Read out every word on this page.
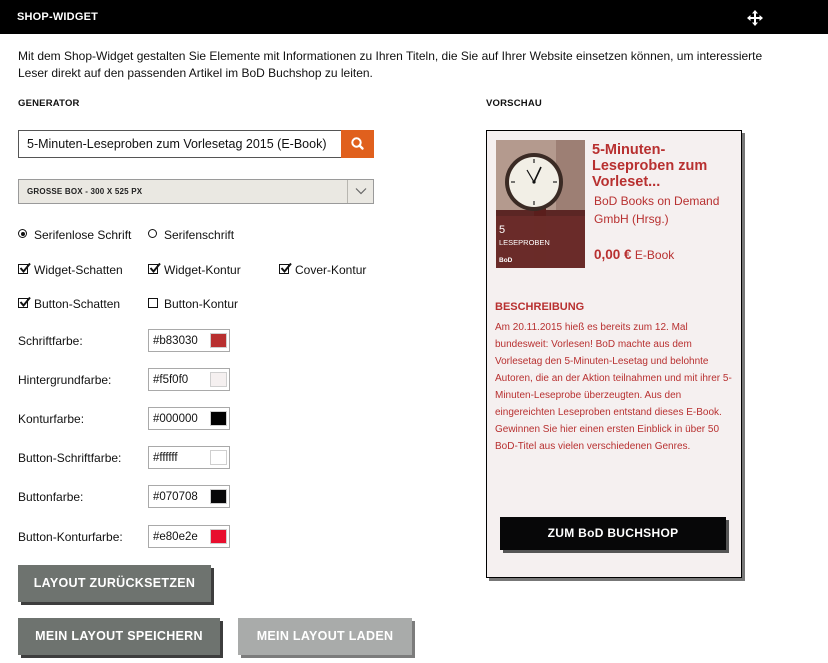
SHOP-WIDGET
Mit dem Shop-Widget gestalten Sie Elemente mit Informationen zu Ihren Titeln, die Sie auf Ihrer Website einsetzen können, um interessierte Leser direkt auf den passenden Artikel im BoD Buchshop zu leiten.
GENERATOR	VORSCHAU
5-Minuten-Leseproben zum Vorlesetag 2015 (E-Book)
GROSSE BOX - 300 X 525 PX
Serifenlose Schrift	Serifenschrift
Widget-Schatten	Widget-Kontur	Cover-Kontur
Button-Schatten	Button-Kontur
Schriftfarbe:	#b83030
Hintergrundfarbe:	#f5f0f0
Konturfarbe:	#000000
Button-Schriftfarbe:	#ffffff
Buttonfarbe:	#070708
Button-Konturfarbe:	#e80e2e
LAYOUT ZURÜCKSETZEN
MEIN LAYOUT SPEICHERN	MEIN LAYOUT LADEN
5
LESEPROBEN
BoD
5-Minuten-Leseproben zum Vorleset...
BoD Books on Demand GmbH (Hrsg.)
0,00 € E-Book
BESCHREIBUNG
Am 20.11.2015 hieß es bereits zum 12. Mal bundesweit: Vorlesen! BoD machte aus dem Vorlesetag den 5-Minuten-Lesetag und belohnte Autoren, die an der Aktion teilnahmen und mit ihrer 5-Minuten-Leseprobe überzeugten. Aus den eingereichten Leseproben entstand dieses E-Book. Gewinnen Sie hier einen ersten Einblick in über 50 BoD-Titel aus vielen verschiedenen Genres.
ZUM BoD BUCHSHOP
